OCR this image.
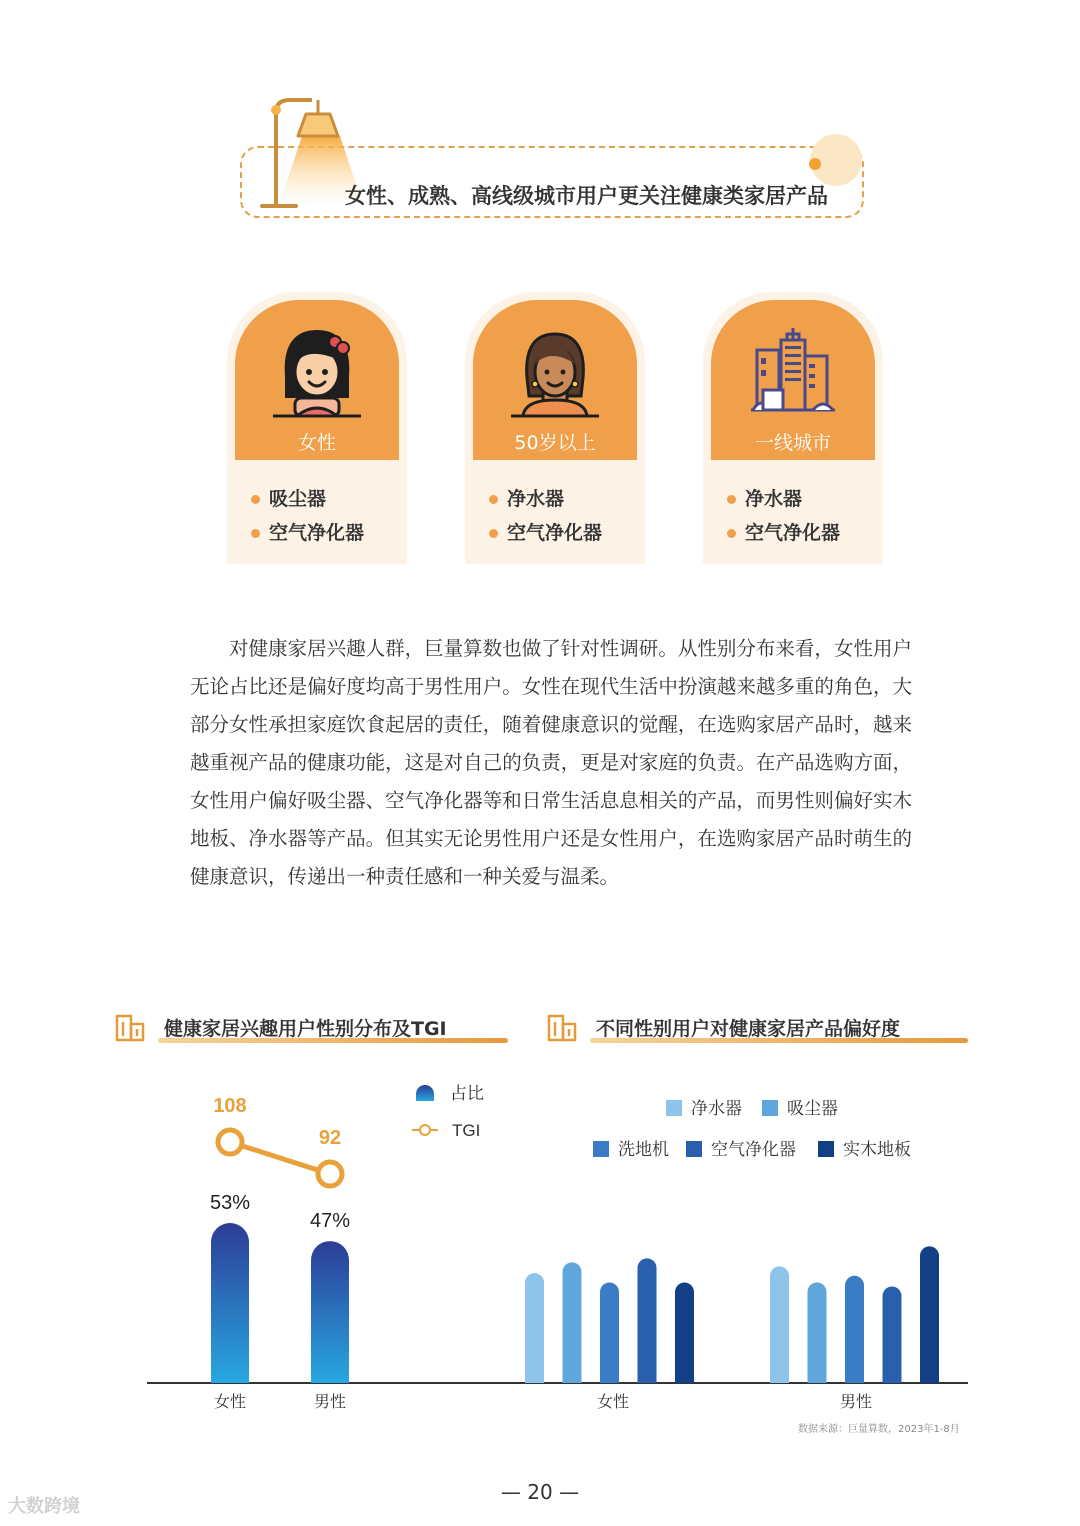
女性、成熟、高线级城市用户更关注健康类家居产品
女性
吸尘器
空气净化器
50岁以上
净水器
空气净化器
一线城市
净水器
空气净化器

对健康家居兴趣人群，巨量算数也做了针对性调研。从性别分布来看，女性用户无论占比还是偏好度均高于男性用户。女性在现代生活中扮演越来越多重的角色，大部分女性承担家庭饮食起居的责任，随着健康意识的觉醒，在选购家居产品时，越来越重视产品的健康功能，这是对自己的负责，更是对家庭的负责。在产品选购方面，女性用户偏好吸尘器、空气净化器等和日常生活息息相关的产品，而男性则偏好实木地板、净水器等产品。但其实无论男性用户还是女性用户，在选购家居产品时萌生的健康意识，传递出一种责任感和一种关爱与温柔。

健康家居兴趣用户性别分布及TGI	不同性别用户对健康家居产品偏好度
53%
47%
女性	男性
108
92
占比
TGI
女性	男性
净水器	吸尘器
洗地机 空气净化器	实木地板
数据来源：巨量算数，2023年1-8月
— 20 —
大数跨境
